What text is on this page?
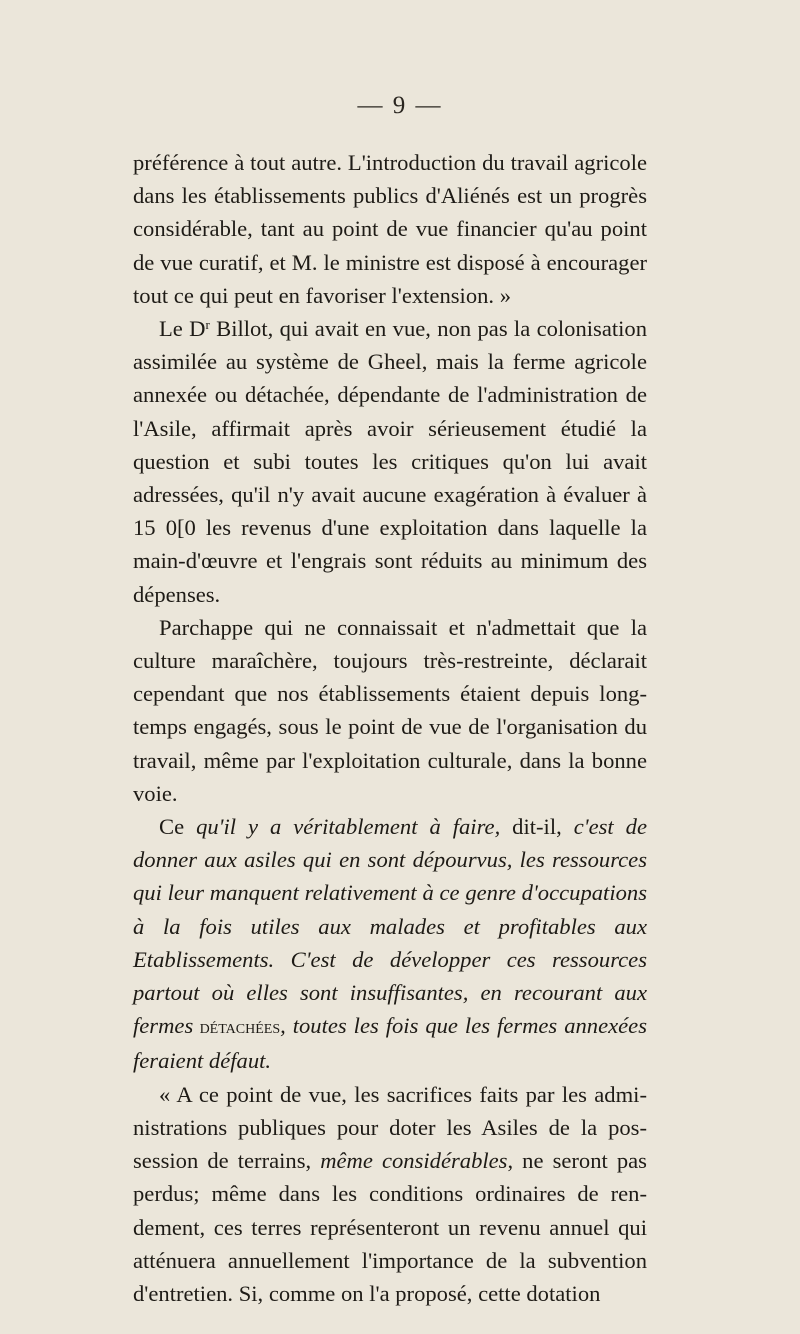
— 9 —

préférence à tout autre. L'introduction du travail agricole dans les établissements publics d'Aliénés est un progrès considérable, tant au point de vue financier qu'au point de vue curatif, et M. le ministre est disposé à encourager tout ce qui peut en favoriser l'extension. »

Le $D^r$ Billot, qui avait en vue, non pas la colonisation assimilée au système de Gheel, mais la ferme agricole annexée ou détachée, dépendante de l'administration de l'Asile, affirmait après avoir sérieusement étudié la question et subi toutes les critiques qu'on lui avait adressées, qu'il n'y avait aucune exagération à évaluer à 15 0[0 les revenus d'une exploitation dans laquelle la main-d'œuvre et l'engrais sont réduits au minimum des dépenses.

Parchappe qui ne connaissait et n'admettait que la culture maraîchère, toujours très-restreinte, déclarait cependant que nos établissements étaient depuis longtemps engagés, sous le point de vue de l'organisation du travail, même par l'exploitation culturale, dans la bonne voie.

Ce qu'il y a véritablement à faire, dit-il, c'est de donner aux asiles qui en sont dépourvus, les ressources qui leur manquent relativement à ce genre d'occupations à la fois utiles aux malades et profitables aux Etablissements. C'est de développer ces ressources partout où elles sont insuffisantes, en recourant aux fermes détachées, toutes les fois que les fermes annexées feraient défaut.

« A ce point de vue, les sacrifices faits par les administrations publiques pour doter les Asiles de la possession de terrains, même considérables, ne seront pas perdus; même dans les conditions ordinaires de rendement, ces terres représenteront un revenu annuel qui atténuera annuellement l'importance de la subvention d'entretien. Si, comme on l'a proposé, cette dotation
